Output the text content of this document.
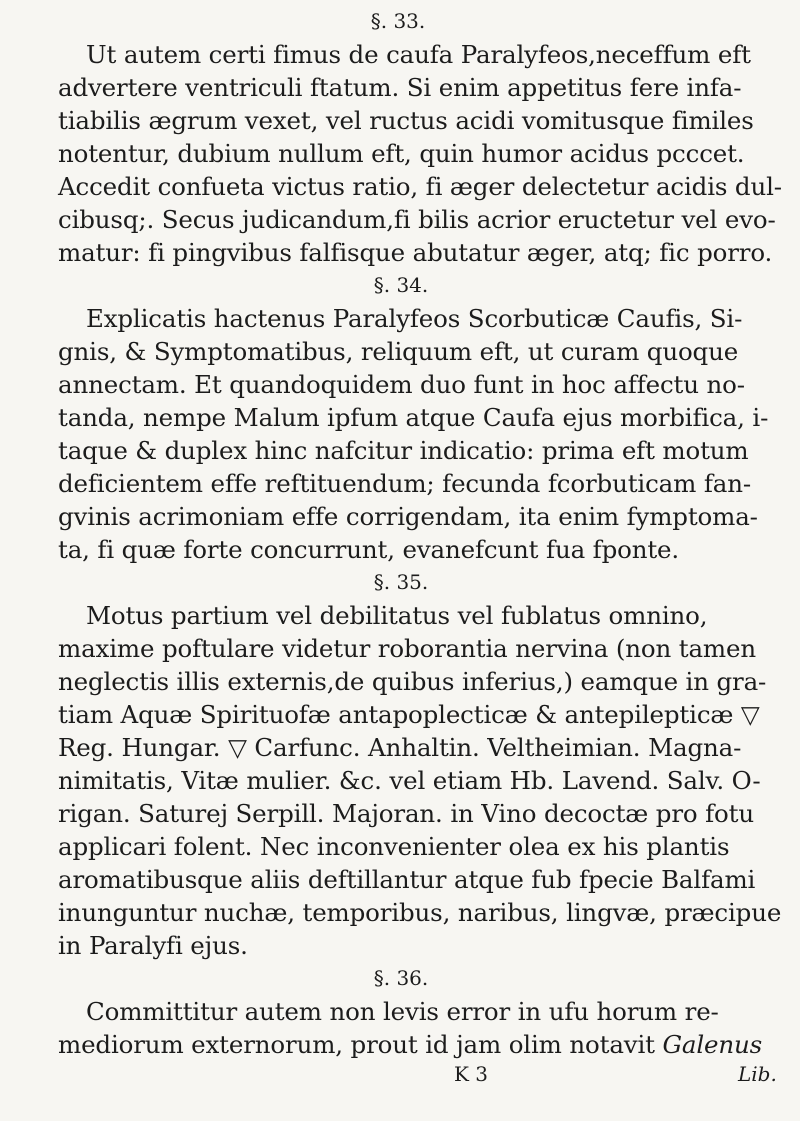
§. 33.
Ut autem certi fimus de caufa Paralyfeos,neceffum eft
advertere ventriculi ftatum. Si enim appetitus fere infa-
tiabilis ægrum vexet, vel ructus acidi vomitusque fimiles
notentur, dubium nullum eft, quin humor acidus pcccet.
Accedit confueta victus ratio, fi æger delectetur acidis dul-
cibusq;. Secus judicandum,fi bilis acrior eructetur vel evo-
matur: fi pingvibus falfisque abutatur æger, atq; fic porro.
§. 34.
Explicatis hactenus Paralyfeos Scorbuticæ Caufis, Si-
gnis, & Symptomatibus, reliquum eft, ut curam quoque
annectam. Et quandoquidem duo funt in hoc affectu no-
tanda, nempe Malum ipfum atque Caufa ejus morbifica, i-
taque & duplex hinc nafcitur indicatio: prima eft motum
deficientem effe reftituendum; fecunda fcorbuticam fan-
gvinis acrimoniam effe corrigendam, ita enim fymptoma-
ta, fi quæ forte concurrunt, evanefcunt fua fponte.
§. 35.
Motus partium vel debilitatus vel fublatus omnino,
maxime poftulare videtur roborantia nervina (non tamen
neglectis illis externis,de quibus inferius,) eamque in gra-
tiam Aquæ Spirituofæ antapoplecticæ & antepilepticæ ▽
Reg. Hungar. ▽ Carfunc. Anhaltin. Veltheimian. Magna-
nimitatis, Vitæ mulier. &c. vel etiam Hb. Lavend. Salv. O-
rigan. Saturej Serpill. Majoran. in Vino decoctæ pro fotu
applicari folent. Nec inconvenienter olea ex his plantis
aromatibusque aliis deftillantur atque fub fpecie Balfami
inunguntur nuchæ, temporibus, naribus, lingvæ, præcipue
in Paralyfi ejus.
§. 36.
Committitur autem non levis error in ufu horum re-
mediorum externorum, prout id jam olim notavit Galenus
K 3	Lib.
